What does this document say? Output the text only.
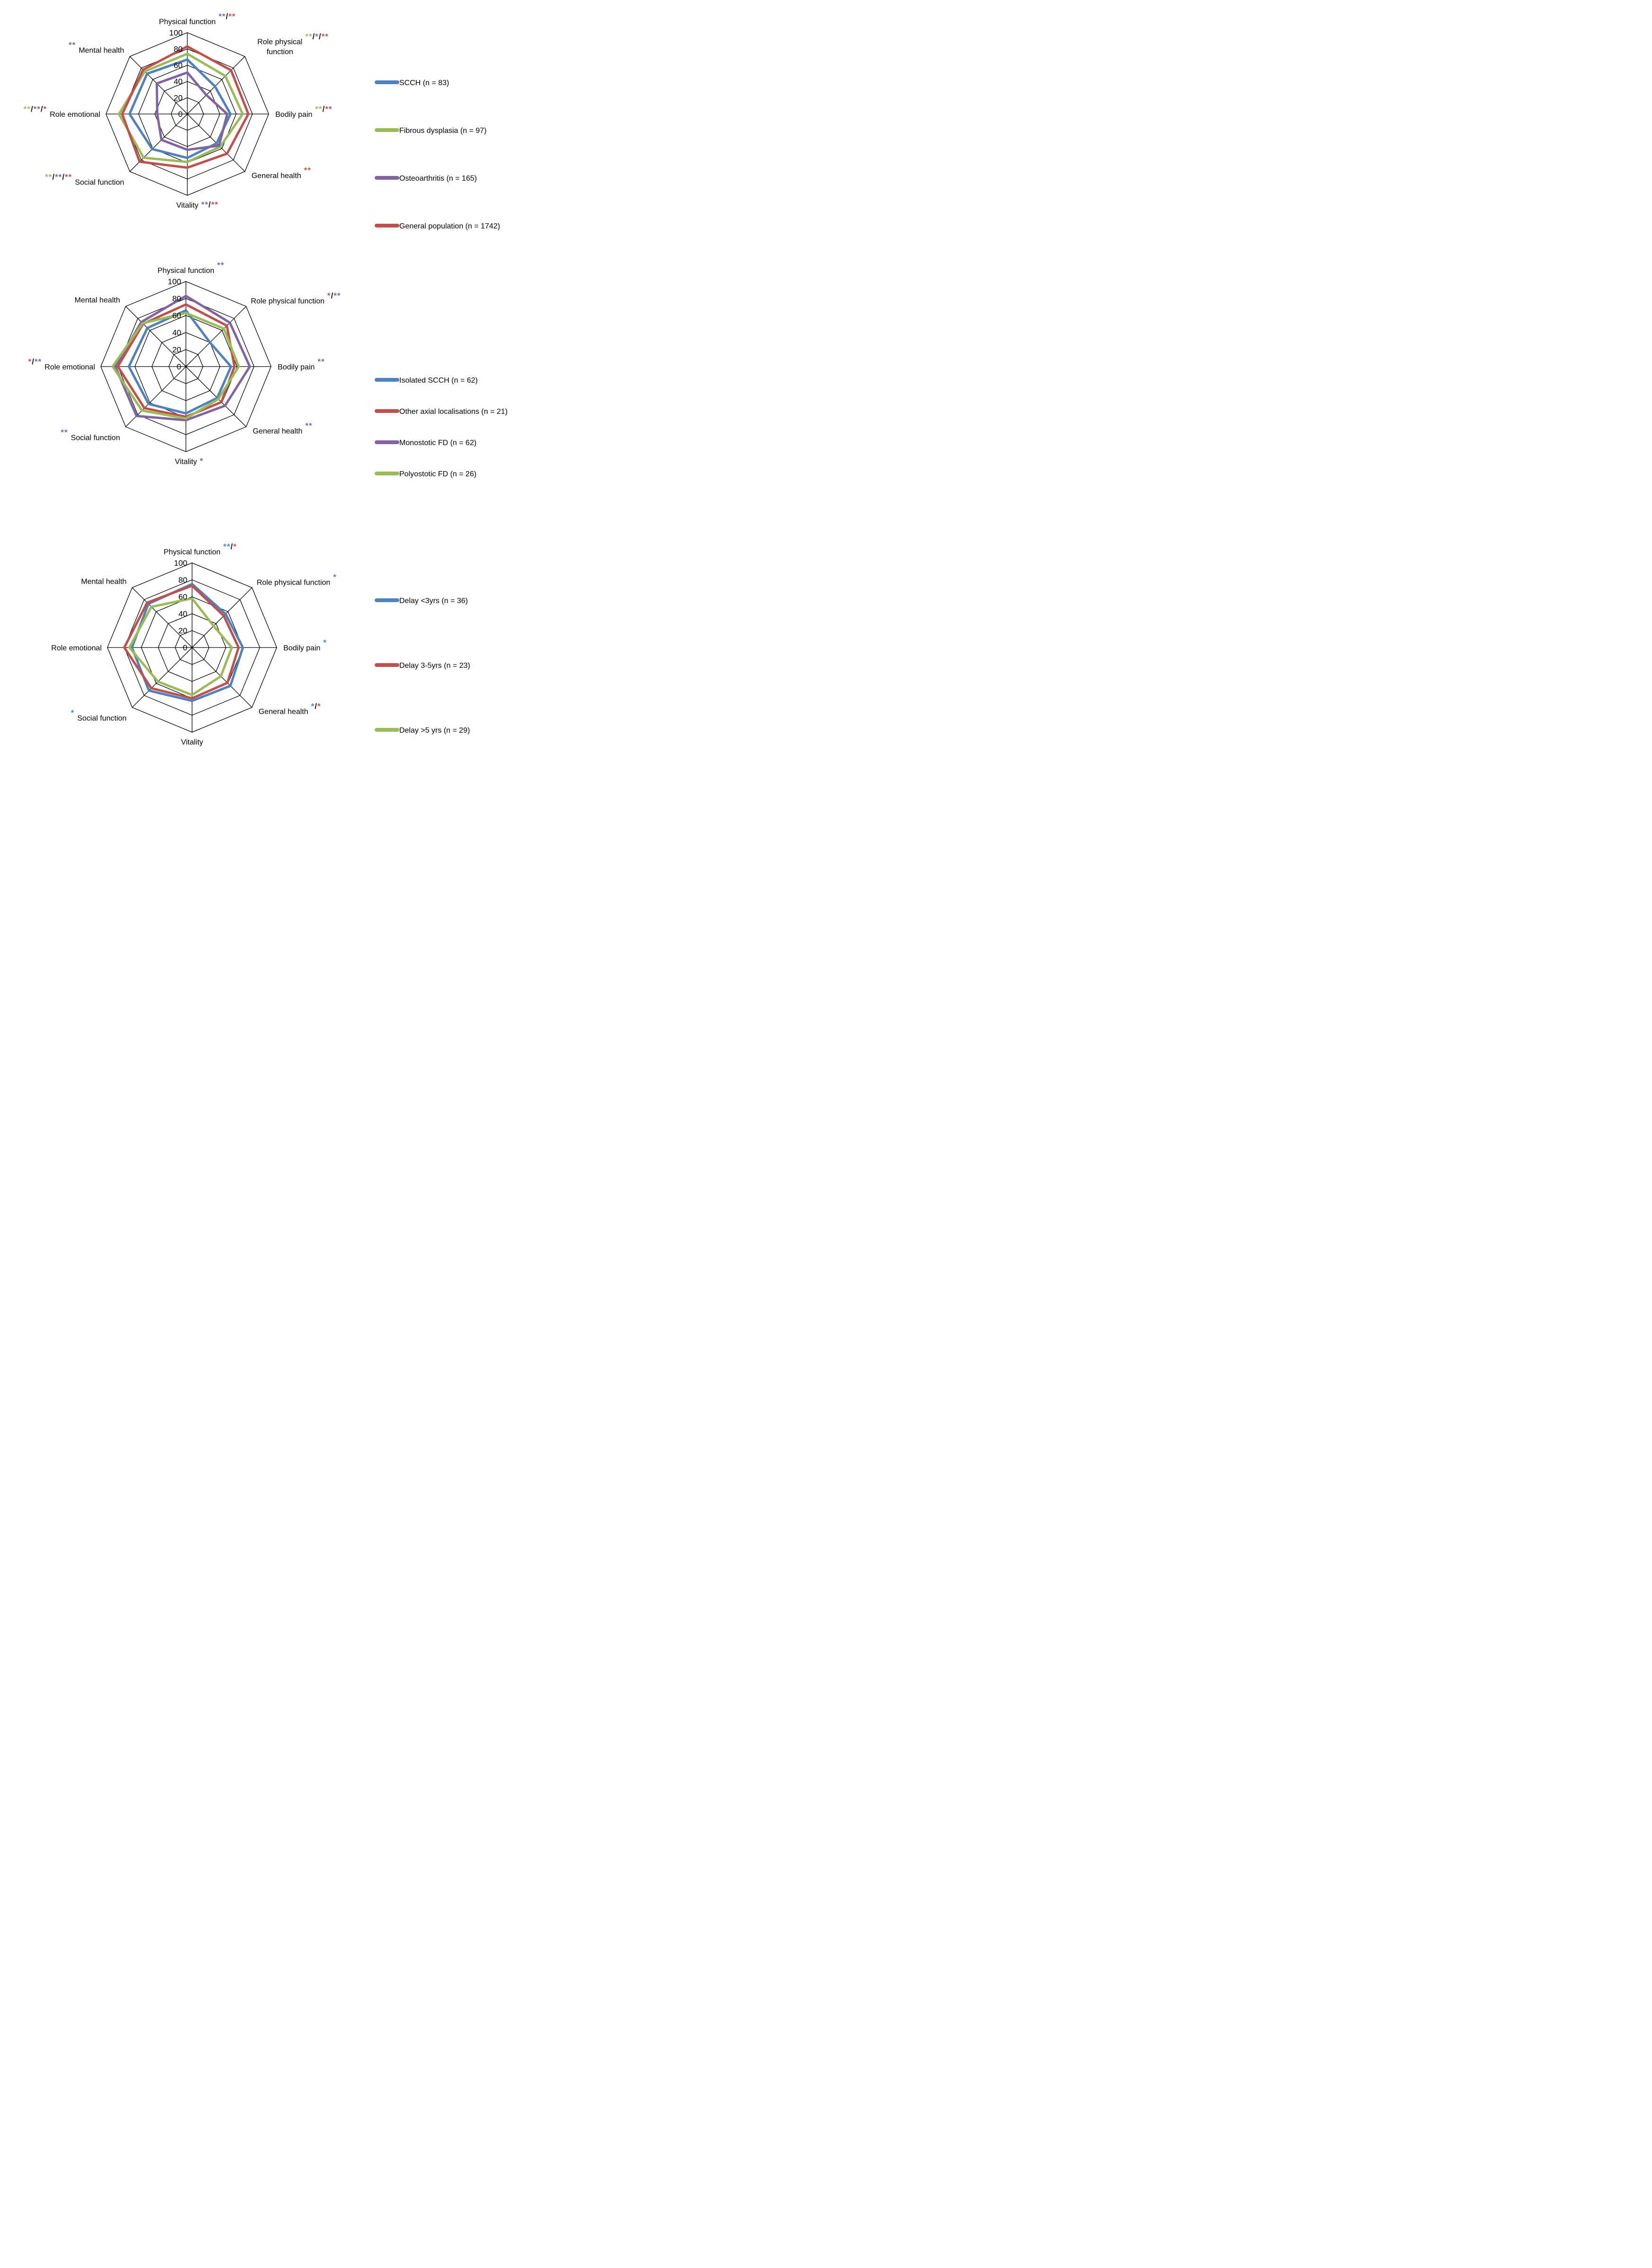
0
20
40
60
80
100
Physical function
**/**
Role physical function
**/*/**
Bodily pain
**/**
General health
**
Vitality **/**
Social function
**/**/**
Role emotional
**/**/*
Mental health
**
SCCH (n = 83)
Fibrous dysplasia (n = 97)
Osteoarthritis (n = 165)
General population (n = 1742)
0
20
40
60
80
100
Physical function
**
Role physical function
*/**
Bodily pain
**
General health
**
Vitality *
Social function
**
Role emotional
*/**
Mental health
Isolated SCCH (n = 62)
Other axial localisations (n = 21)
Monostotic FD (n = 62)
Polyostotic FD (n = 26)
0
20
40
60
80
100
Physical function
**/*
Role physical function
*
Bodily pain
*
General health
*/*
Vitality
Social function
*
Role emotional
Mental health
Delay <3yrs (n = 36)
Delay 3-5yrs (n = 23)
Delay >5 yrs (n = 29)
